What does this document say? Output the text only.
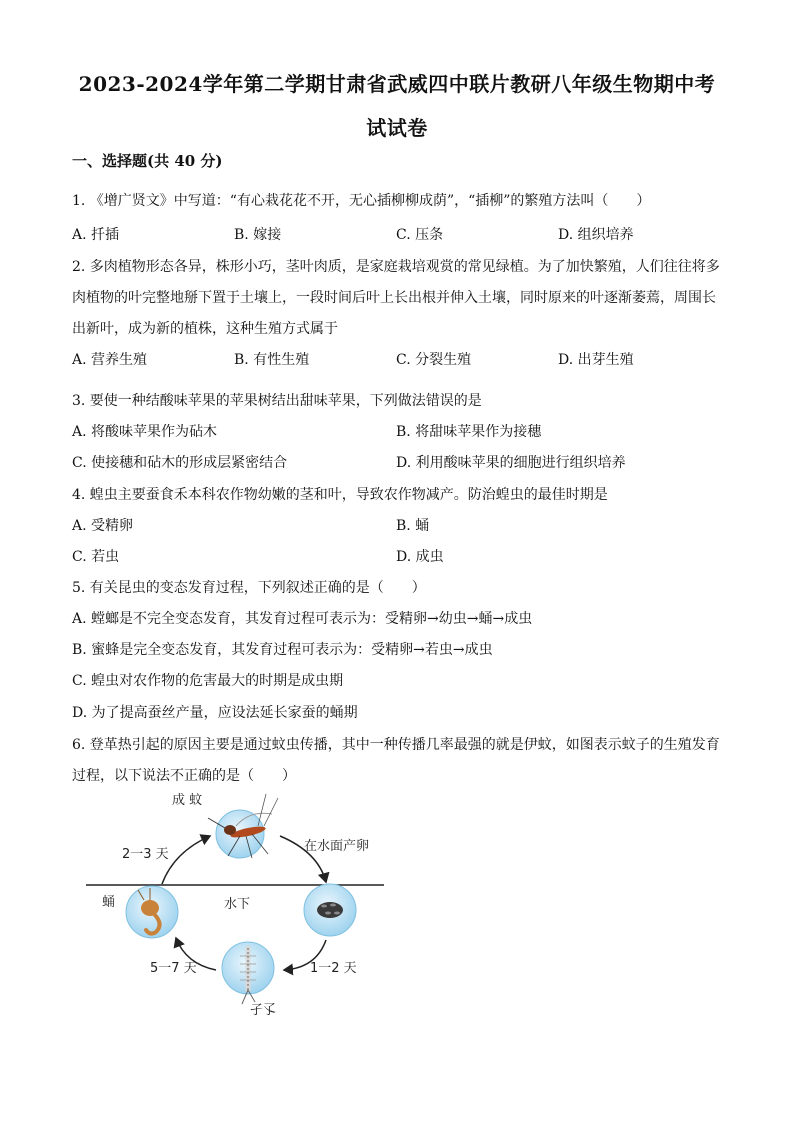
2023-2024学年第二学期甘肃省武威四中联片教研八年级生物期中考
试试卷
一、选择题(共 40 分)
1. 《增广贤文》中写道：“有心栽花花不开，无心插柳柳成荫”，“插柳”的繁殖方法叫（　　）
A. 扦插	B. 嫁接	C. 压条	D. 组织培养
2. 多肉植物形态各异，株形小巧，茎叶肉质，是家庭栽培观赏的常见绿植。为了加快繁殖，人们往往将多
肉植物的叶完整地掰下置于土壤上，一段时间后叶上长出根并伸入土壤，同时原来的叶逐渐萎蔫，周围长
出新叶，成为新的植株，这种生殖方式属于
A. 营养生殖	B. 有性生殖	C. 分裂生殖	D. 出芽生殖
3. 要使一种结酸味苹果的苹果树结出甜味苹果，下列做法错误的是
A. 将酸味苹果作为砧木	B. 将甜味苹果作为接穗
C. 使接穗和砧木的形成层紧密结合	D. 利用酸味苹果的细胞进行组织培养
4. 蝗虫主要蚕食禾本科农作物幼嫩的茎和叶，导致农作物减产。防治蝗虫的最佳时期是
A. 受精卵	B. 蛹
C. 若虫	D. 成虫
5. 有关昆虫的变态发育过程，下列叙述正确的是（　　）
A. 螳螂是不完全变态发育，其发育过程可表示为：受精卵→幼虫→蛹→成虫
B. 蜜蜂是完全变态发育，其发育过程可表示为：受精卵→若虫→成虫
C. 蝗虫对农作物的危害最大的时期是成虫期
D. 为了提高蚕丝产量，应设法延长家蚕的蛹期
6. 登革热引起的原因主要是通过蚊虫传播，其中一种传播几率最强的就是伊蚊，如图表示蚊子的生殖发育
过程，以下说法不正确的是（　　）
成 蚊
在水面产卵
2一3 天
蛹	水下
5一7 天	1一2 天
孑孓
